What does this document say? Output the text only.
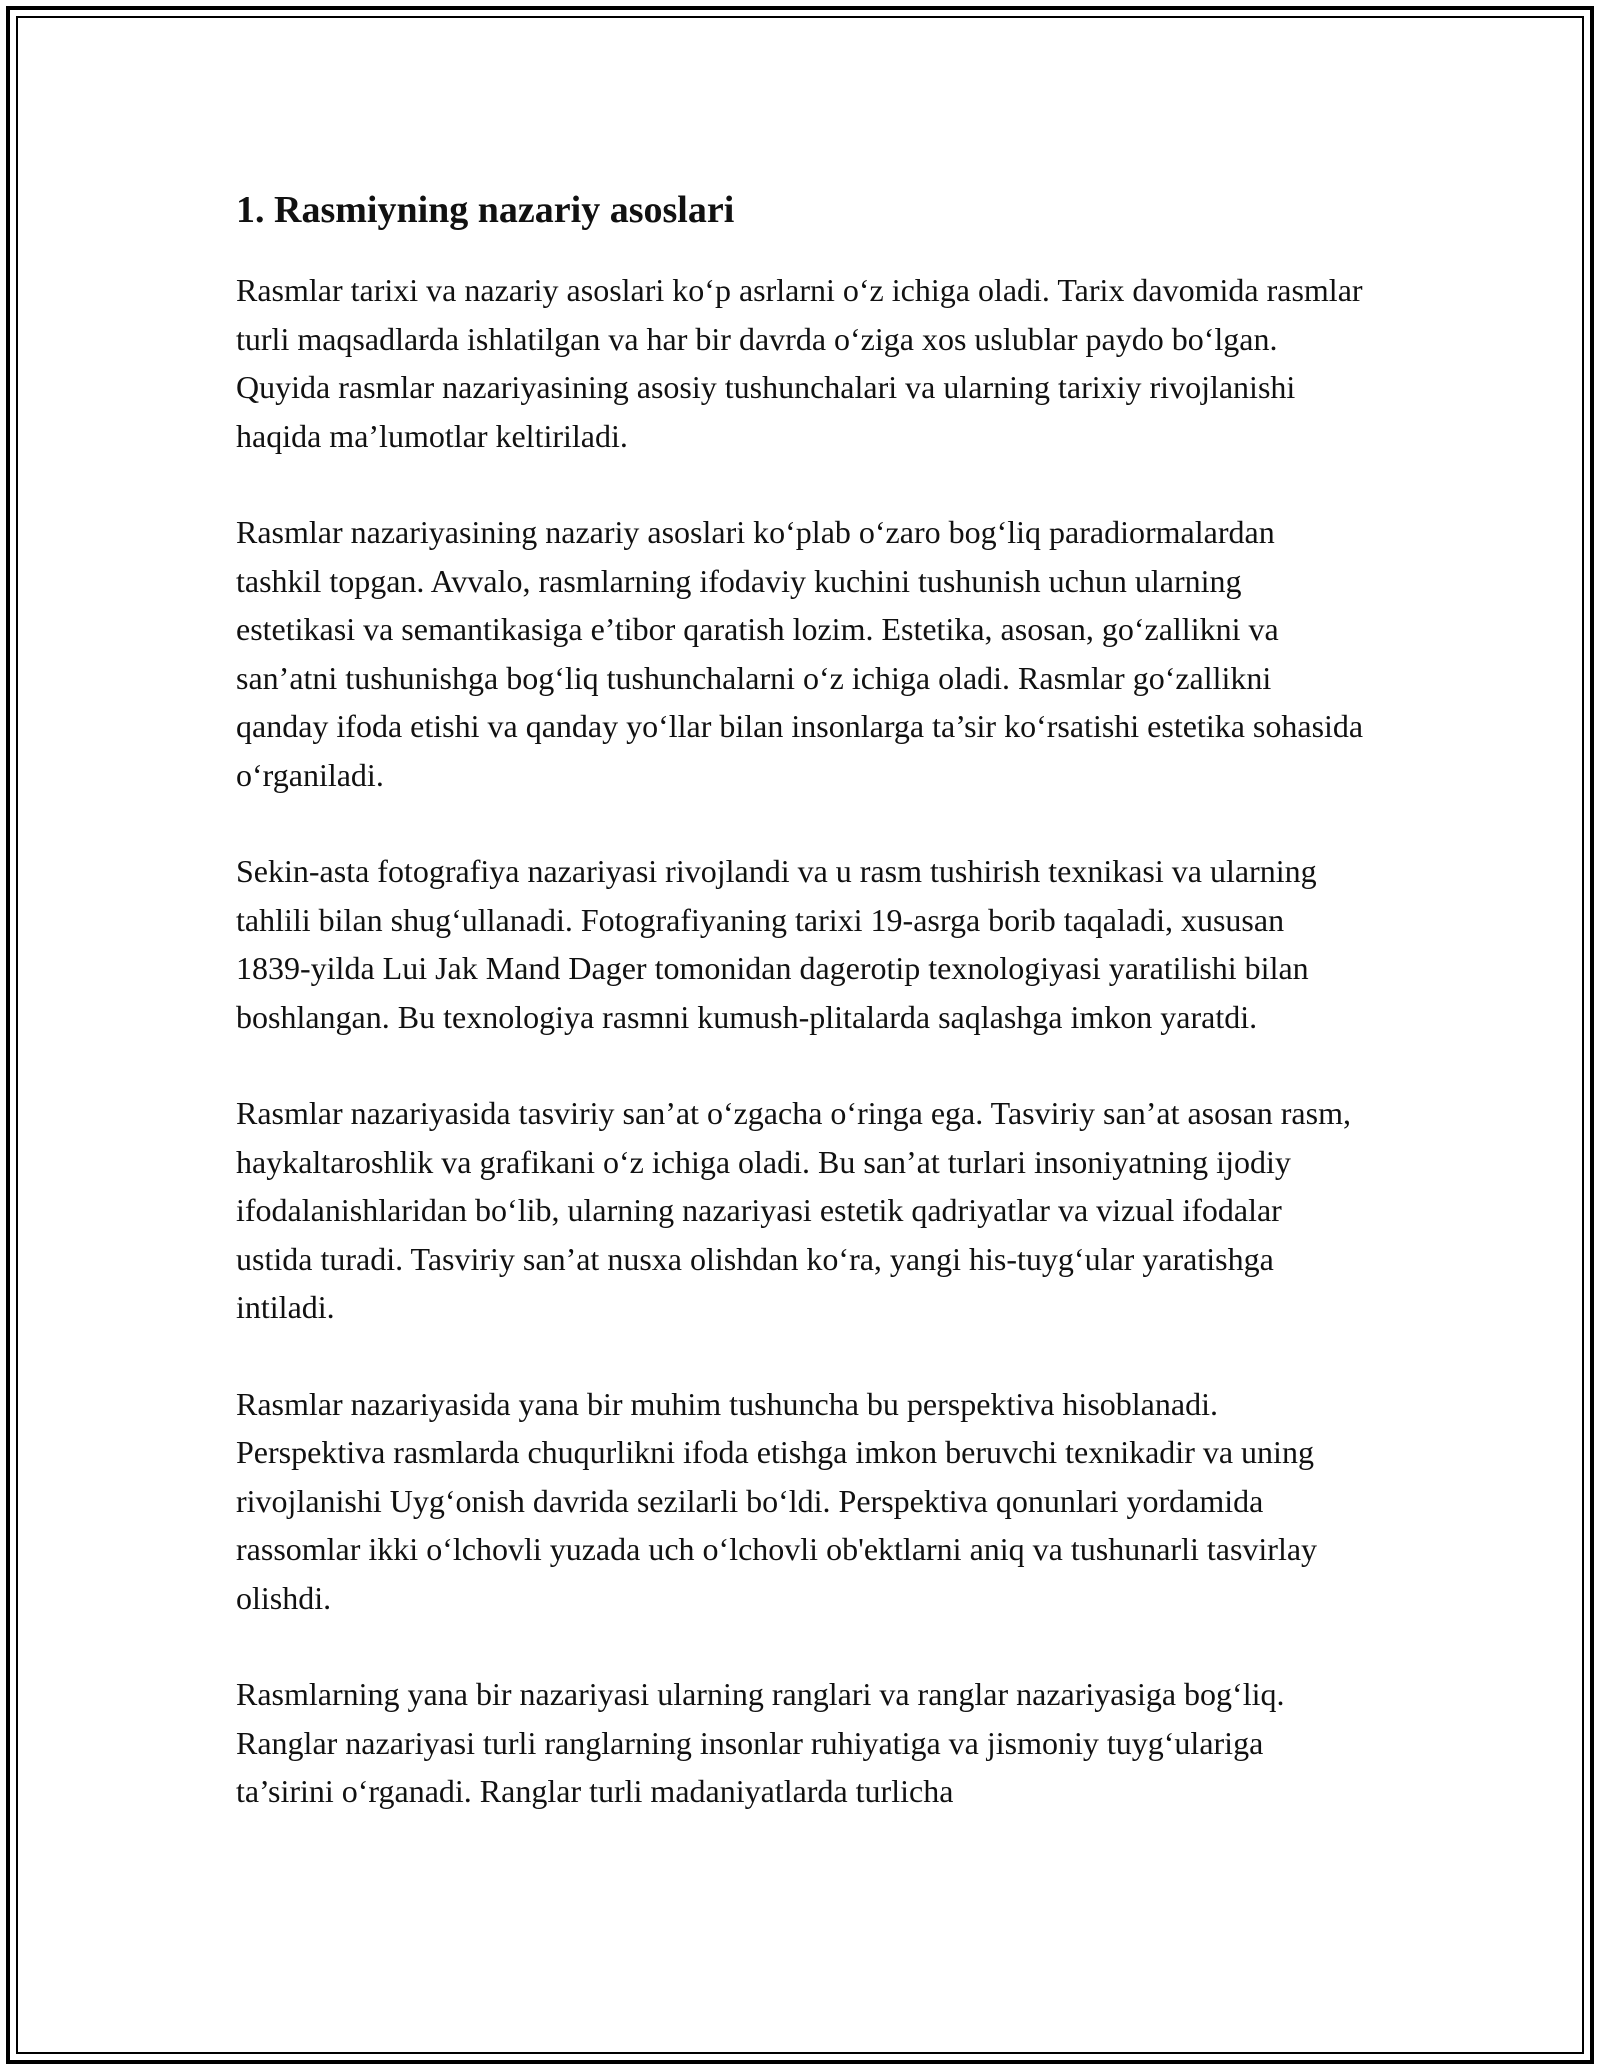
1. Rasmiyning nazariy asoslari

Rasmlar tarixi va nazariy asoslari ko‘p asrlarni o‘z ichiga oladi. Tarix davomida rasmlar turli maqsadlarda ishlatilgan va har bir davrda o‘ziga xos uslublar paydo bo‘lgan. Quyida rasmlar nazariyasining asosiy tushunchalari va ularning tarixiy rivojlanishi haqida ma’lumotlar keltiriladi.

Rasmlar nazariyasining nazariy asoslari ko‘plab o‘zaro bog‘liq paradiormalardan tashkil topgan. Avvalo, rasmlarning ifodaviy kuchini tushunish uchun ularning estetikasi va semantikasiga e’tibor qaratish lozim. Estetika, asosan, go‘zallikni va san’atni tushunishga bog‘liq tushunchalarni o‘z ichiga oladi. Rasmlar go‘zallikni qanday ifoda etishi va qanday yo‘llar bilan insonlarga ta’sir ko‘rsatishi estetika sohasida o‘rganiladi.

Sekin-asta fotografiya nazariyasi rivojlandi va u rasm tushirish texnikasi va ularning tahlili bilan shug‘ullanadi. Fotografiyaning tarixi 19-asrga borib taqaladi, xususan 1839-yilda Lui Jak Mand Dager tomonidan dagerotip texnologiyasi yaratilishi bilan boshlangan. Bu texnologiya rasmni kumush-plitalarda saqlashga imkon yaratdi.

Rasmlar nazariyasida tasviriy san’at o‘zgacha o‘ringa ega. Tasviriy san’at asosan rasm, haykaltaroshlik va grafikani o‘z ichiga oladi. Bu san’at turlari insoniyatning ijodiy ifodalanishlaridan bo‘lib, ularning nazariyasi estetik qadriyatlar va vizual ifodalar ustida turadi. Tasviriy san’at nusxa olishdan ko‘ra, yangi his-tuyg‘ular yaratishga intiladi.

Rasmlar nazariyasida yana bir muhim tushuncha bu perspektiva hisoblanadi. Perspektiva rasmlarda chuqurlikni ifoda etishga imkon beruvchi texnikadir va uning rivojlanishi Uyg‘onish davrida sezilarli bo‘ldi. Perspektiva qonunlari yordamida rassomlar ikki o‘lchovli yuzada uch o‘lchovli ob'ektlarni aniq va tushunarli tasvirlay olishdi.

Rasmlarning yana bir nazariyasi ularning ranglari va ranglar nazariyasiga bog‘liq. Ranglar nazariyasi turli ranglarning insonlar ruhiyatiga va jismoniy tuyg‘ulariga ta’sirini o‘rganadi. Ranglar turli madaniyatlarda turlicha
